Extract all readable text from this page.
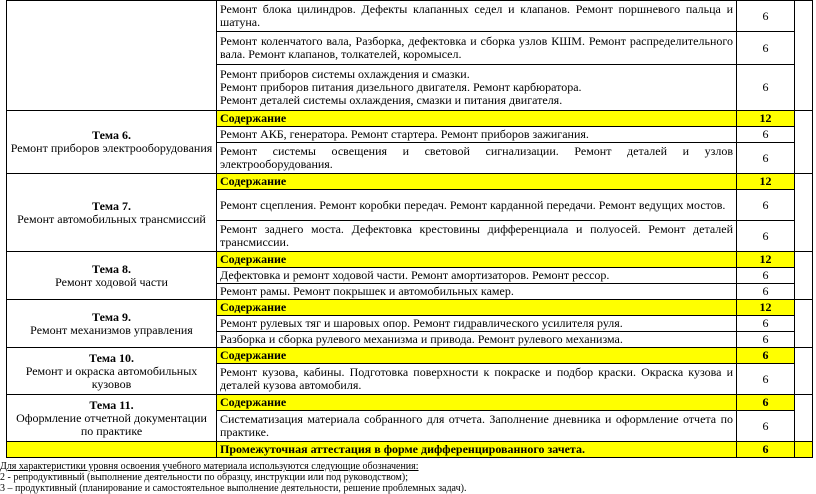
	Ремонт блока цилиндров. Дефекты клапанных седел и клапанов. Ремонт поршневого пальца и шатуна.	6	
	Ремонт коленчатого вала, Разборка, дефектовка и сборка узлов КШМ. Ремонт распределительного вала. Ремонт клапанов, толкателей, коромысел.	6	

	Ремонт приборов системы охлаждения и смазки.
Ремонт приборов питания дизельного двигателя. Ремонт карбюратора.
Ремонт деталей системы охлаждения, смазки и питания двигателя.	6	

Тема 6.
Ремонт приборов электрооборудования	Содержание	12	
	Ремонт АКБ, генератора. Ремонт стартера. Ремонт приборов зажигания.	6	
	Ремонт системы освещения и световой сигнализации. Ремонт деталей и узлов электрооборудования.	6	

Тема 7.
Ремонт автомобильных трансмиссий	Содержание	12	
	Ремонт сцепления. Ремонт коробки передач. Ремонт карданной передачи. Ремонт ведущих мостов.	6	
	Ремонт заднего моста. Дефектовка крестовины дифференциала и полуосей. Ремонт деталей трансмиссии.	6	

Тема 8.
Ремонт ходовой части	Содержание	12	
	Дефектовка и ремонт ходовой части. Ремонт амортизаторов. Ремонт рессор.	6	
	Ремонт рамы. Ремонт покрышек и автомобильных камер.	6	

Тема 9.
Ремонт механизмов управления	Содержание	12	
	Ремонт рулевых тяг и шаровых опор. Ремонт гидравлического усилителя руля.	6	
	Разборка и сборка рулевого механизма и привода. Ремонт рулевого механизма.	6	

Тема 10.
Ремонт и окраска автомобильных кузовов	Содержание	6	
	Ремонт кузова, кабины. Подготовка поверхности к покраске и подбор краски. Окраска кузова и деталей кузова автомобиля.	6	

Тема 11.
Оформление отчетной документации по практике	Содержание	6	
	Систематизация материала собранного для отчета. Заполнение дневника и оформление отчета по практике.	6	
	Промежуточная аттестация в форме дифференцированного зачета.	6	
Для характеристики уровня освоения учебного материала используются следующие обозначения:
2 - репродуктивный (выполнение деятельности по образцу, инструкции или под руководством);
3 – продуктивный (планирование и самостоятельное выполнение деятельности, решение проблемных задач).
